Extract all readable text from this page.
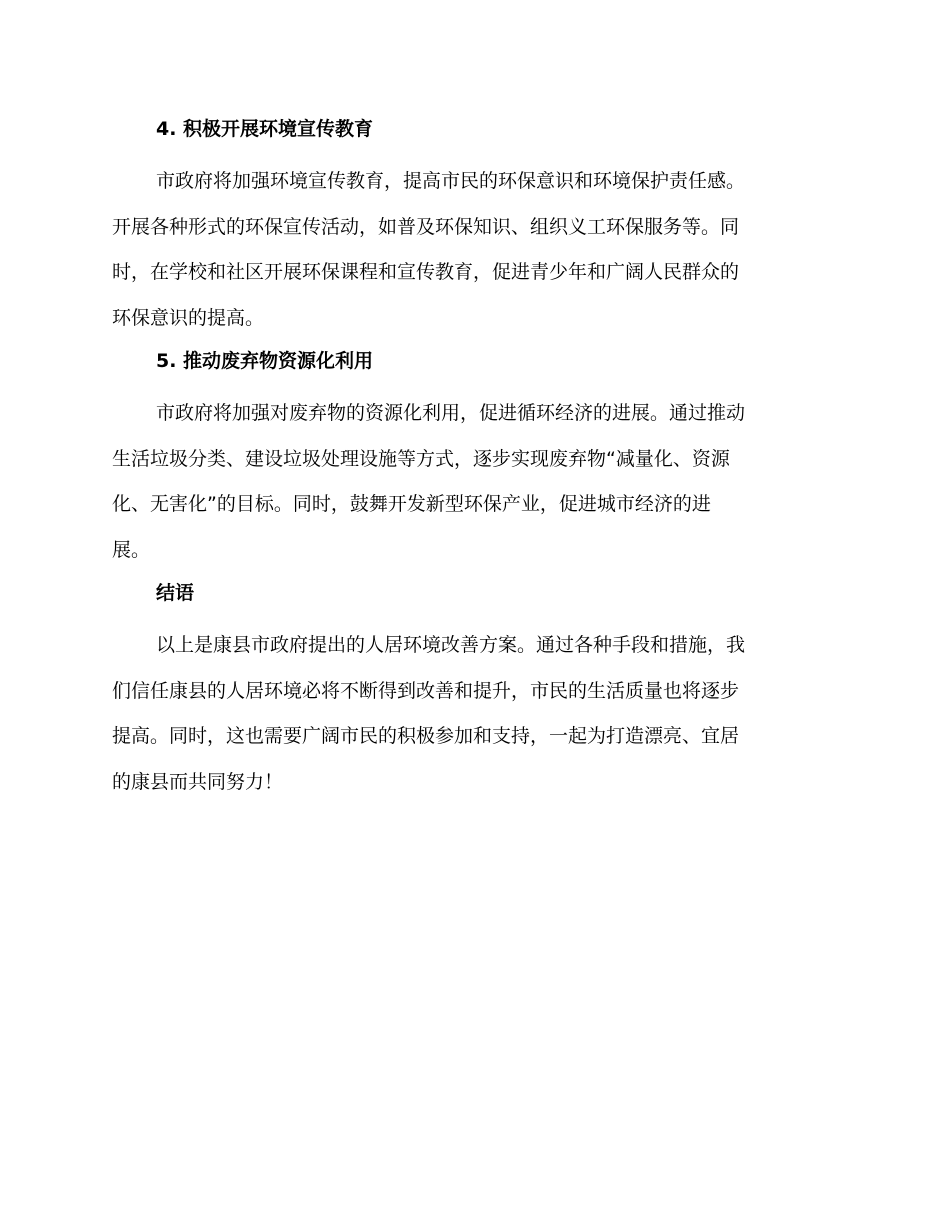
4. 积极开展环境宣传教育
市政府将加强环境宣传教育，提高市民的环保意识和环境保护责任感。
开展各种形式的环保宣传活动，如普及环保知识、组织义工环保服务等。同
时，在学校和社区开展环保课程和宣传教育，促进青少年和广阔人民群众的
环保意识的提高。
5. 推动废弃物资源化利用
市政府将加强对废弃物的资源化利用，促进循环经济的进展。通过推动
生活垃圾分类、建设垃圾处理设施等方式，逐步实现废弃物“减量化、资源
化、无害化”的目标。同时，鼓舞开发新型环保产业，促进城市经济的进
展。
结语
以上是康县市政府提出的人居环境改善方案。通过各种手段和措施，我
们信任康县的人居环境必将不断得到改善和提升，市民的生活质量也将逐步
提高。同时，这也需要广阔市民的积极参加和支持，一起为打造漂亮、宜居
的康县而共同努力！
